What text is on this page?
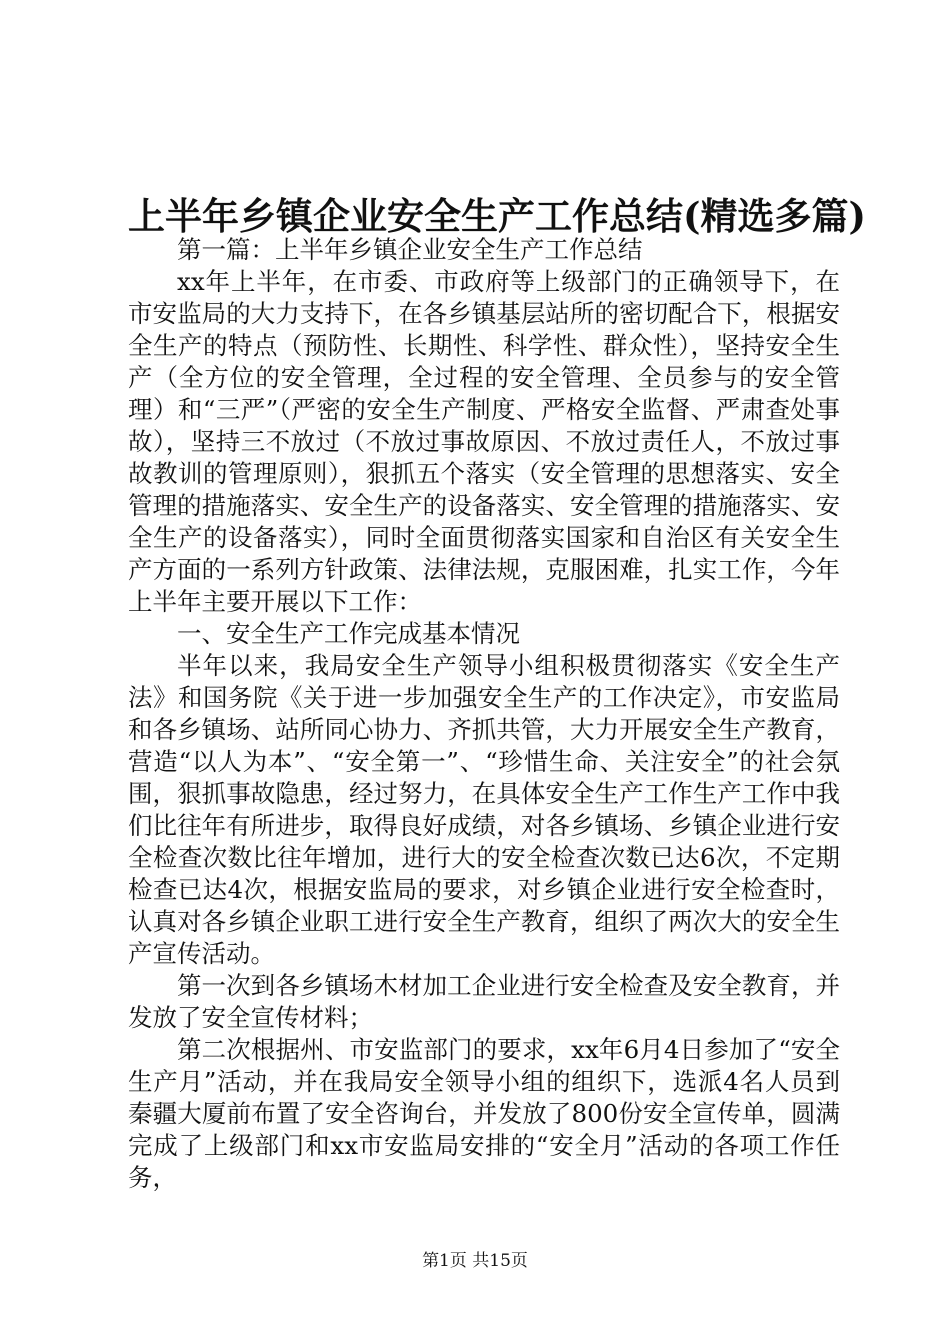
上半年乡镇企业安全生产工作总结(精选多篇)

第一篇：上半年乡镇企业安全生产工作总结

xx年上半年，在市委、市政府等上级部门的正确领导下，在市安监局的大力支持下，在各乡镇基层站所的密切配合下，根据安全生产的特点（预防性、长期性、科学性、群众性），坚持安全生产（全方位的安全管理，全过程的安全管理、全员参与的安全管理）和“三严”（严密的安全生产制度、严格安全监督、严肃查处事故），坚持三不放过（不放过事故原因、不放过责任人，不放过事故教训的管理原则），狠抓五个落实（安全管理的思想落实、安全管理的措施落实、安全生产的设备落实、安全管理的措施落实、安全生产的设备落实），同时全面贯彻落实国家和自治区有关安全生产方面的一系列方针政策、法律法规，克服困难，扎实工作，今年上半年主要开展以下工作：

一、安全生产工作完成基本情况

半年以来，我局安全生产领导小组积极贯彻落实《安全生产法》和国务院《关于进一步加强安全生产的工作决定》，市安监局和各乡镇场、站所同心协力、齐抓共管，大力开展安全生产教育，营造“以人为本”、“安全第一”、“珍惜生命、关注安全”的社会氛围，狠抓事故隐患，经过努力，在具体安全生产工作生产工作中我们比往年有所进步，取得良好成绩，对各乡镇场、乡镇企业进行安全检查次数比往年增加，进行大的安全检查次数已达6次，不定期检查已达4次，根据安监局的要求，对乡镇企业进行安全检查时，认真对各乡镇企业职工进行安全生产教育，组织了两次大的安全生产宣传活动。

第一次到各乡镇场木材加工企业进行安全检查及安全教育，并发放了安全宣传材料；

第二次根据州、市安监部门的要求，xx年6月4日参加了“安全生产月”活动，并在我局安全领导小组的组织下，选派4名人员到秦疆大厦前布置了安全咨询台，并发放了800份安全宣传单，圆满完成了上级部门和xx市安监局安排的“安全月”活动的各项工作任务，

第1页 共15页
